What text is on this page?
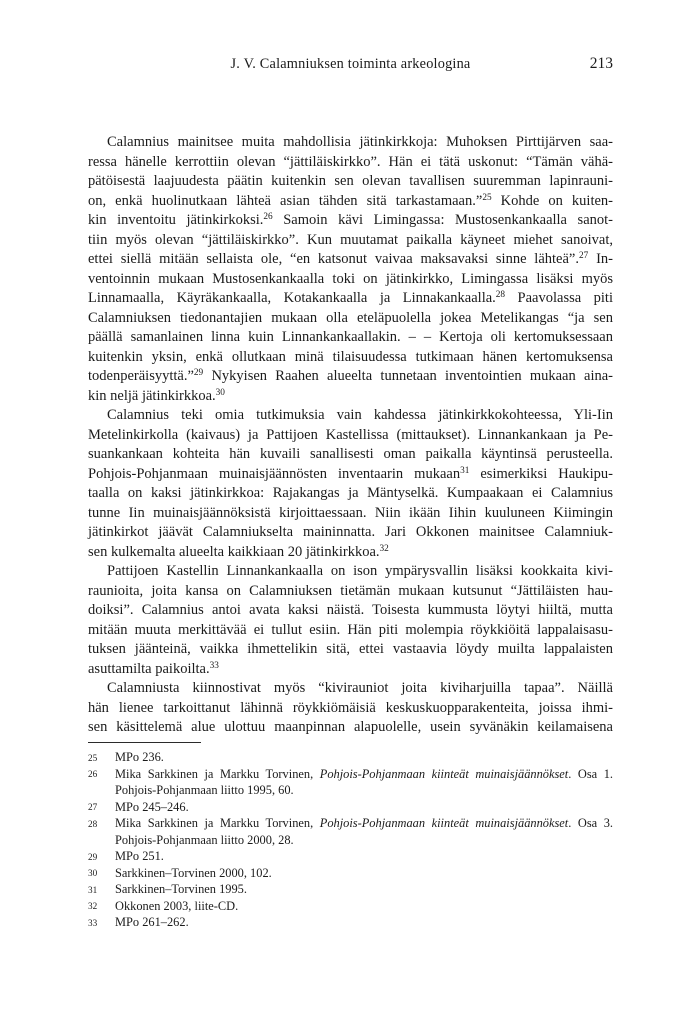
J. V. Calamniuksen toiminta arkeologina	213
Calamnius mainitsee muita mahdollisia jätinkirkkoja: Muhoksen Pirttijärven saa-
ressa hänelle kerrottiin olevan “jättiläiskirkko”. Hän ei tätä uskonut: “Tämän vähä-
pätöisestä laajuudesta päätin kuitenkin sen olevan tavallisen suuremman lapinrauni-
on, enkä huolinutkaan lähteä asian tähden sitä tarkastamaan.”$^{25}$ Kohde on kuiten-
kin inventoitu jätinkirkoksi.$^{26}$ Samoin kävi Limingassa: Mustosenkankaalla sanot-
tiin myös olevan “jättiläiskirkko”. Kun muutamat paikalla käyneet miehet sanoivat,
ettei siellä mitään sellaista ole, “en katsonut vaivaa maksavaksi sinne lähteä”.$^{27}$ In-
ventoinnin mukaan Mustosenkankaalla toki on jätinkirkko, Limingassa lisäksi myös
Linnamaalla, Käyräkankaalla, Kotakankaalla ja Linnakankaalla.$^{28}$ Paavolassa piti
Calamniuksen tiedonantajien mukaan olla eteläpuolella jokea Metelikangas “ja sen
päällä samanlainen linna kuin Linnankankaallakin. – – Kertoja oli kertomuksessaan
kuitenkin yksin, enkä ollutkaan minä tilaisuudessa tutkimaan hänen kertomuksensa
todenperäisyyttä.”$^{29}$ Nykyisen Raahen alueelta tunnetaan inventointien mukaan aina-
kin neljä jätinkirkkoa.$^{30}$
Calamnius teki omia tutkimuksia vain kahdessa jätinkirkkokohteessa, Yli-Iin
Metelinkirkolla (kaivaus) ja Pattijoen Kastellissa (mittaukset). Linnankankaan ja Pe-
suankankaan kohteita hän kuvaili sanallisesti oman paikalla käyntinsä perusteella.
Pohjois-Pohjanmaan muinaisjäännösten inventaarin mukaan$^{31}$ esimerkiksi Haukipu-
taalla on kaksi jätinkirkkoa: Rajakangas ja Mäntyselkä. Kumpaakaan ei Calamnius
tunne Iin muinaisjäännöksistä kirjoittaessaan. Niin ikään Iihin kuuluneen Kiimingin
jätinkirkot jäävät Calamniukselta maininnatta. Jari Okkonen mainitsee Calamniuk-
sen kulkemalta alueelta kaikkiaan 20 jätinkirkkoa.$^{32}$
Pattijoen Kastellin Linnankankaalla on ison ympärysvallin lisäksi kookkaita kivi-
raunioita, joita kansa on Calamniuksen tietämän mukaan kutsunut “Jättiläisten hau-
doiksi”. Calamnius antoi avata kaksi näistä. Toisesta kummusta löytyi hiiltä, mutta
mitään muuta merkittävää ei tullut esiin. Hän piti molempia röykkiöitä lappalaisasu-
tuksen jäänteinä, vaikka ihmettelikin sitä, ettei vastaavia löydy muilta lappalaisten
asuttamilta paikoilta.$^{33}$
Calamniusta kiinnostivat myös “kivirauniot joita kiviharjuilla tapaa”. Näillä
hän lienee tarkoittanut lähinnä röykkiömäisiä keskuskuopparakenteita, joissa ihmi-
sen käsittelemä alue ulottuu maanpinnan alapuolelle, usein syvänäkin keilamaisena
25	MPo 236.
26	Mika Sarkkinen ja Markku Torvinen, Pohjois-Pohjanmaan kiinteät muinaisjäännökset. Osa 1.
Pohjois-Pohjanmaan liitto 1995, 60.
27	MPo 245–246.
28	Mika Sarkkinen ja Markku Torvinen, Pohjois-Pohjanmaan kiinteät muinaisjäännökset. Osa 3.
Pohjois-Pohjanmaan liitto 2000, 28.
29	MPo 251.
30	Sarkkinen–Torvinen 2000, 102.
31	Sarkkinen–Torvinen 1995.
32	Okkonen 2003, liite-CD.
33	MPo 261–262.
